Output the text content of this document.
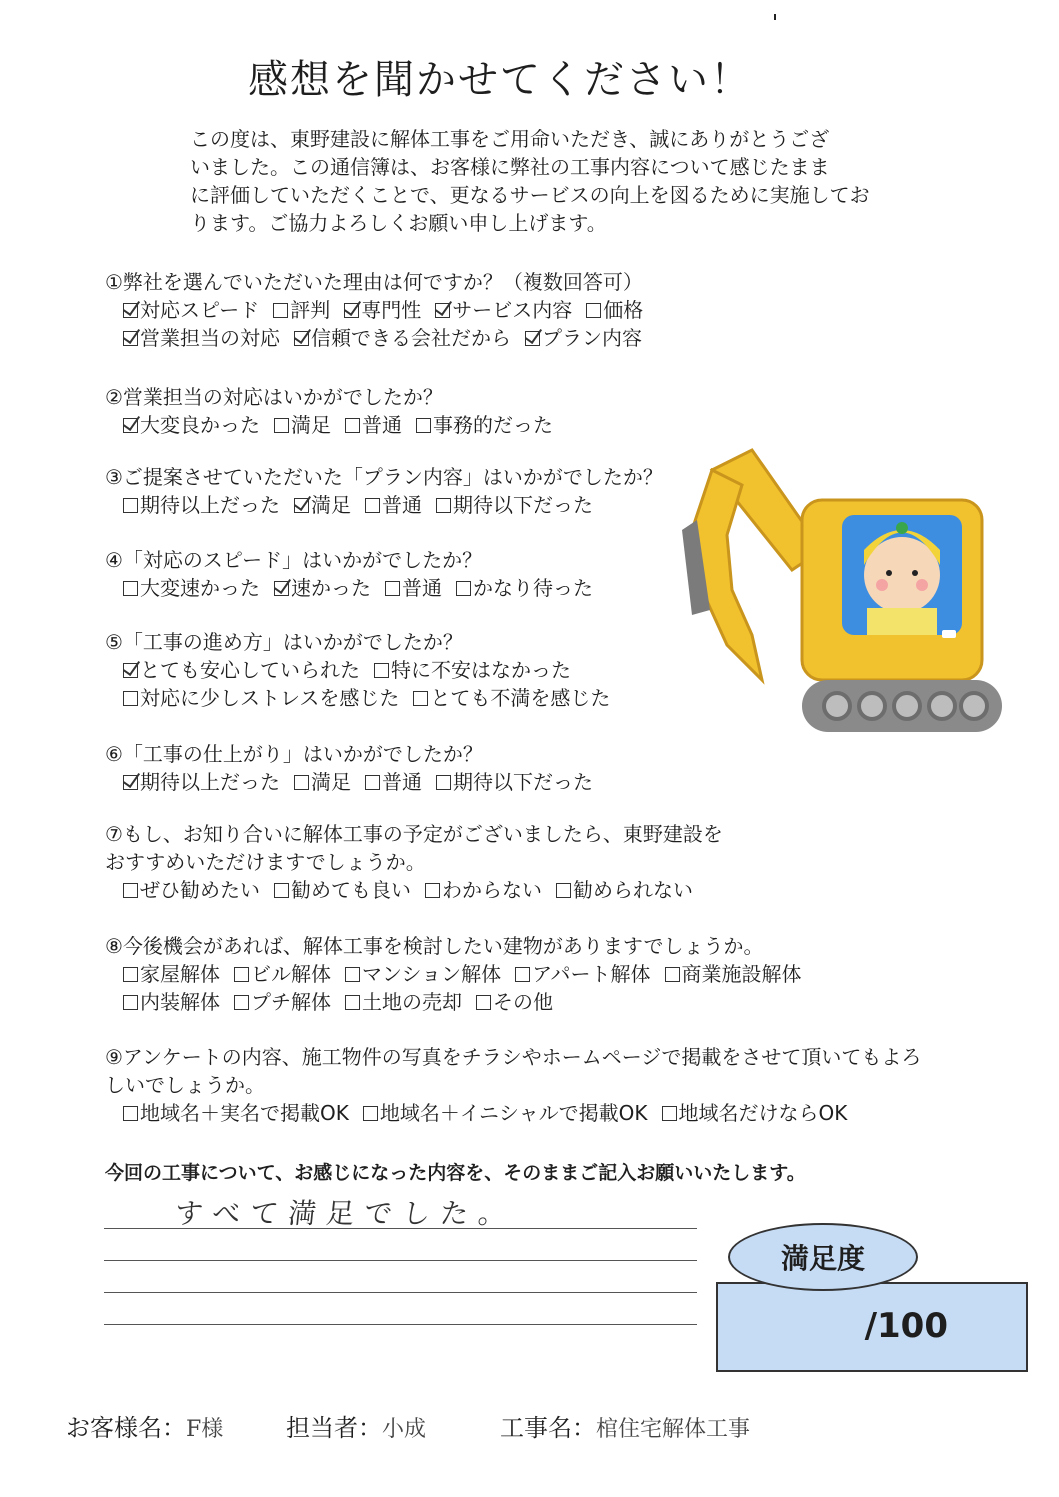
感想を聞かせてください！
この度は、東野建設に解体工事をご用命いただき、誠にありがとうござ
いました。この通信簿は、お客様に弊社の工事内容について感じたまま
に評価していただくことで、更なるサービスの向上を図るために実施してお
ります。ご協力よろしくお願い申し上げます。
①弊社を選んでいただいた理由は何ですか？（複数回答可）
対応スピード 評判 専門性 サービス内容 価格
営業担当の対応 信頼できる会社だから プラン内容
②営業担当の対応はいかがでしたか？
大変良かった 満足 普通 事務的だった
③ご提案させていただいた「プラン内容」はいかがでしたか？
期待以上だった 満足 普通 期待以下だった
④「対応のスピード」はいかがでしたか？
大変速かった 速かった 普通 かなり待った
⑤「工事の進め方」はいかがでしたか？
とても安心していられた 特に不安はなかった
対応に少しストレスを感じた とても不満を感じた
⑥「工事の仕上がり」はいかがでしたか？
期待以上だった 満足 普通 期待以下だった
⑦もし、お知り合いに解体工事の予定がございましたら、東野建設を
おすすめいただけますでしょうか。
ぜひ勧めたい 勧めても良い わからない 勧められない
⑧今後機会があれば、解体工事を検討したい建物がありますでしょうか。
家屋解体 ビル解体 マンション解体 アパート解体 商業施設解体
内装解体 プチ解体 土地の売却 その他
⑨アンケートの内容、施工物件の写真をチラシやホームページで掲載をさせて頂いてもよろ
しいでしょうか。
地域名＋実名で掲載OK 地域名＋イニシャルで掲載OK 地域名だけならOK
今回の工事について、お感じになった内容を、そのままご記入お願いいたします。
すべて満足でした。
/100
満足度
お客様名：F様	担当者：小成	工事名：棺住宅解体工事
